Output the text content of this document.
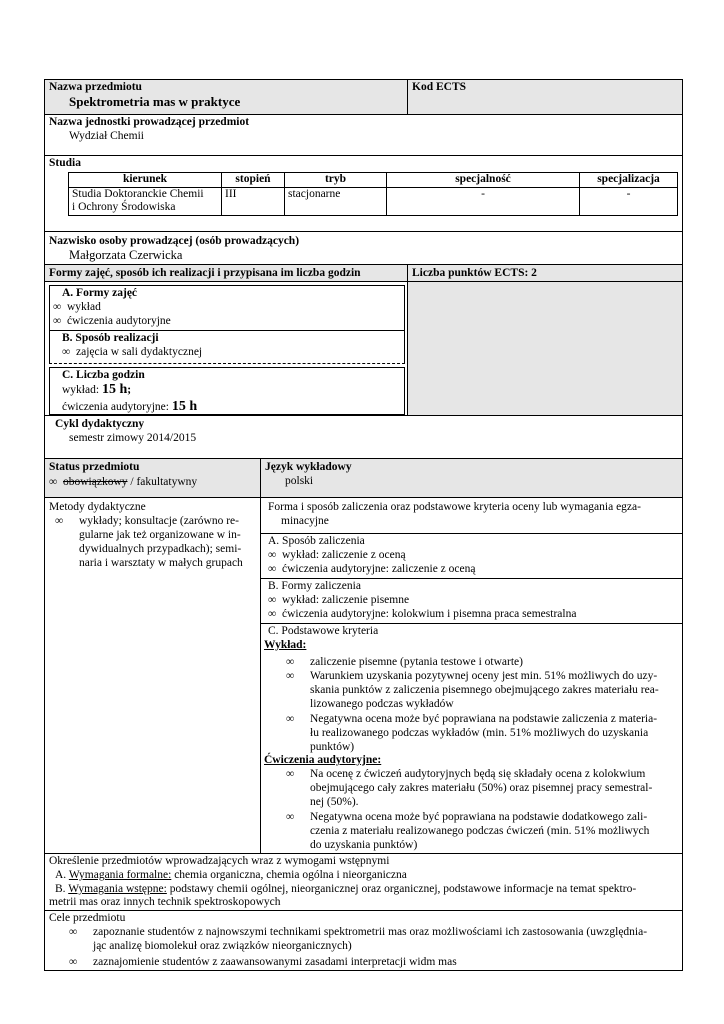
Nazwa przedmiotu
Spektrometria mas w praktyce
Kod ECTS
Nazwa jednostki prowadzącej przedmiot
Wydział Chemii
Studia
kierunek	stopień	tryb	specjalność	specjalizacja
Studia Doktoranckie Chemii
i Ochrony Środowiska	III	stacjonarne	-	-
Nazwisko osoby prowadzącej (osób prowadzących)
Małgorzata Czerwicka
Formy zajęć, sposób ich realizacji i przypisana im liczba godzin
A. Formy zajęć
∞ wykład
∞ ćwiczenia audytoryjne
B. Sposób realizacji
∞ zajęcia w sali dydaktycznej
C. Liczba godzin
wykład: 15 h;
ćwiczenia audytoryjne: 15 h
Liczba punktów ECTS: 2
Cykl dydaktyczny
semestr zimowy 2014/2015
Status przedmiotu
∞ obowiązkowy / fakultatywny
Język wykładowy
polski
Metody dydaktyczne
∞ wykłady; konsultacje (zarówno re-
gularne jak też organizowane w in-
dywidualnych przypadkach); semi-
naria i warsztaty w małych grupach
Forma i sposób zaliczenia oraz podstawowe kryteria oceny lub wymagania egza-
minacyjne
A. Sposób zaliczenia
∞ wykład: zaliczenie z oceną
∞ ćwiczenia audytoryjne: zaliczenie z oceną
B. Formy zaliczenia
∞ wykład: zaliczenie pisemne
∞ ćwiczenia audytoryjne: kolokwium i pisemna praca semestralna
C. Podstawowe kryteria
Wykład:
∞ zaliczenie pisemne (pytania testowe i otwarte)
∞ Warunkiem uzyskania pozytywnej oceny jest min. 51% możliwych do uzy-
skania punktów z zaliczenia pisemnego obejmującego zakres materiału rea-
lizowanego podczas wykładów
∞ Negatywna ocena może być poprawiana na podstawie zaliczenia z materia-
łu realizowanego podczas wykładów (min. 51% możliwych do uzyskania
punktów)
Ćwiczenia audytoryjne:
∞ Na ocenę z ćwiczeń audytoryjnych będą się składały ocena z kolokwium
obejmującego cały zakres materiału (50%) oraz pisemnej pracy semestral-
nej (50%).
∞ Negatywna ocena może być poprawiana na podstawie dodatkowego zali-
czenia z materiału realizowanego podczas ćwiczeń (min. 51% możliwych
do uzyskania punktów)
Określenie przedmiotów wprowadzających wraz z wymogami wstępnymi
A. Wymagania formalne: chemia organiczna, chemia ogólna i nieorganiczna
B. Wymagania wstępne: podstawy chemii ogólnej, nieorganicznej oraz organicznej, podstawowe informacje na temat spektro-
metrii mas oraz innych technik spektroskopowych
Cele przedmiotu
∞ zapoznanie studentów z najnowszymi technikami spektrometrii mas oraz możliwościami ich zastosowania (uwzględnia-
jąc analizę biomolekuł oraz związków nieorganicznych)
∞ zaznajomienie studentów z zaawansowanymi zasadami interpretacji widm mas
